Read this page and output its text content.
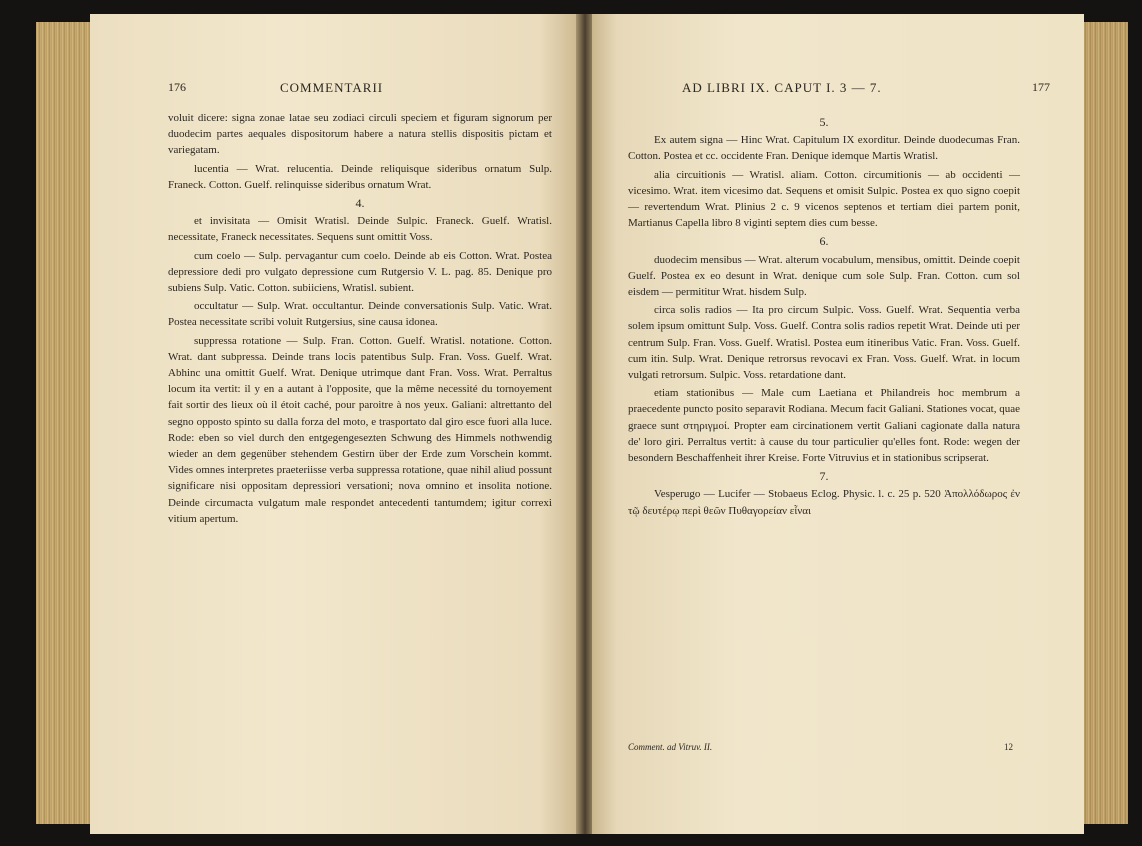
176	COMMENTARII

voluit dicere: signa zonae latae seu zodiaci circuli speciem et figuram signorum per duodecim partes aequales dispositorum habere a natura stellis dispositis pictam et variegatam.

lucentia — Wrat. relucentia. Deinde reliquisque sideribus ornatum Sulp. Franeck. Cotton. Guelf. relinquisse sideribus ornatum Wrat.

4.

et invisitata — Omisit Wratisl. Deinde Sulpic. Franeck. Guelf. Wratisl. necessitate, Franeck necessitates. Sequens sunt omittit Voss.

cum coelo — Sulp. pervagantur cum coelo. Deinde ab eis Cotton. Wrat. Postea depressiore dedi pro vulgato depressione cum Rutgersio V. L. pag. 85. Denique pro subiens Sulp. Vatic. Cotton. subiiciens, Wratisl. subient.

occultatur — Sulp. Wrat. occultantur. Deinde conversationis Sulp. Vatic. Wrat. Postea necessitate scribi voluit Rutgersius, sine causa idonea.

suppressa rotatione — Sulp. Fran. Cotton. Guelf. Wratisl. notatione. Cotton. Wrat. dant subpressa. Deinde trans locis patentibus Sulp. Fran. Voss. Guelf. Wrat. Abhinc una omittit Guelf. Wrat. Denique utrimque dant Fran. Voss. Wrat. Perraltus locum ita vertit: il y en a autant à l'opposite, que la même necessité du tornoyement fait sortir des lieux où il étoit caché, pour paroitre à nos yeux. Galiani: altrettanto del segno opposto spinto su dalla forza del moto, e trasportato dal giro esce fuori alla luce. Rode: eben so viel durch den entgegengesezten Schwung des Himmels nothwendig wieder an dem gegenüber stehendem Gestirn über der Erde zum Vorschein kommt. Vides omnes interpretes praeteriisse verba suppressa rotatione, quae nihil aliud possunt significare nisi oppositam depressiori versationi; nova omnino et insolita notione. Deinde circumacta vulgatum male respondet antecedenti tantumdem; igitur correxi vitium apertum.

AD LIBRI IX. CAPUT I. 3 — 7.	177

5.

Ex autem signa — Hinc Wrat. Capitulum IX exorditur. Deinde duodecumas Fran. Cotton. Postea et cc. occidente Fran. Denique idemque Martis Wratisl.

alia circuitionis — Wratisl. aliam. Cotton. circumitionis — ab occidenti — vicesimo. Wrat. item vicesimo dat. Sequens et omisit Sulpic. Postea ex quo signo coepit — revertendum Wrat. Plinius 2 c. 9 vicenos septenos et tertiam diei partem ponit, Martianus Capella libro 8 viginti septem dies cum besse.

6.

duodecim mensibus — Wrat. alterum vocabulum, mensibus, omittit. Deinde coepit Guelf. Postea ex eo desunt in Wrat. denique cum sole Sulp. Fran. Cotton. cum sol eisdem — permititur Wrat. hisdem Sulp.

circa solis radios — Ita pro circum Sulpic. Voss. Guelf. Wrat. Sequentia verba solem ipsum omittunt Sulp. Voss. Guelf. Contra solis radios repetit Wrat. Deinde uti per centrum Sulp. Fran. Voss. Guelf. Wratisl. Postea eum itineribus Vatic. Fran. Voss. Guelf. cum itin. Sulp. Wrat. Denique retrorsus revocavi ex Fran. Voss. Guelf. Wrat. in locum vulgati retrorsum. Sulpic. Voss. retardatione dant.

etiam stationibus — Male cum Laetiana et Philandreis hoc membrum a praecedente puncto posito separavit Rodiana. Mecum facit Galiani. Stationes vocat, quae graece sunt στηριγμοί. Propter eam circinationem vertit Galiani cagionate dalla natura de' loro giri. Perraltus vertit: à cause du tour particulier qu'elles font. Rode: wegen der besondern Beschaffenheit ihrer Kreise. Forte Vitruvius et in stationibus scripserat.

7.

Vesperugo — Lucifer — Stobaeus Eclog. Physic. l. c. 25 p. 520 Ἀπολλόδωρος ἐν τῷ δευτέρῳ περὶ θεῶν Πυθαγορείαν εἶναι

Comment. ad Vitruv. II.	12
